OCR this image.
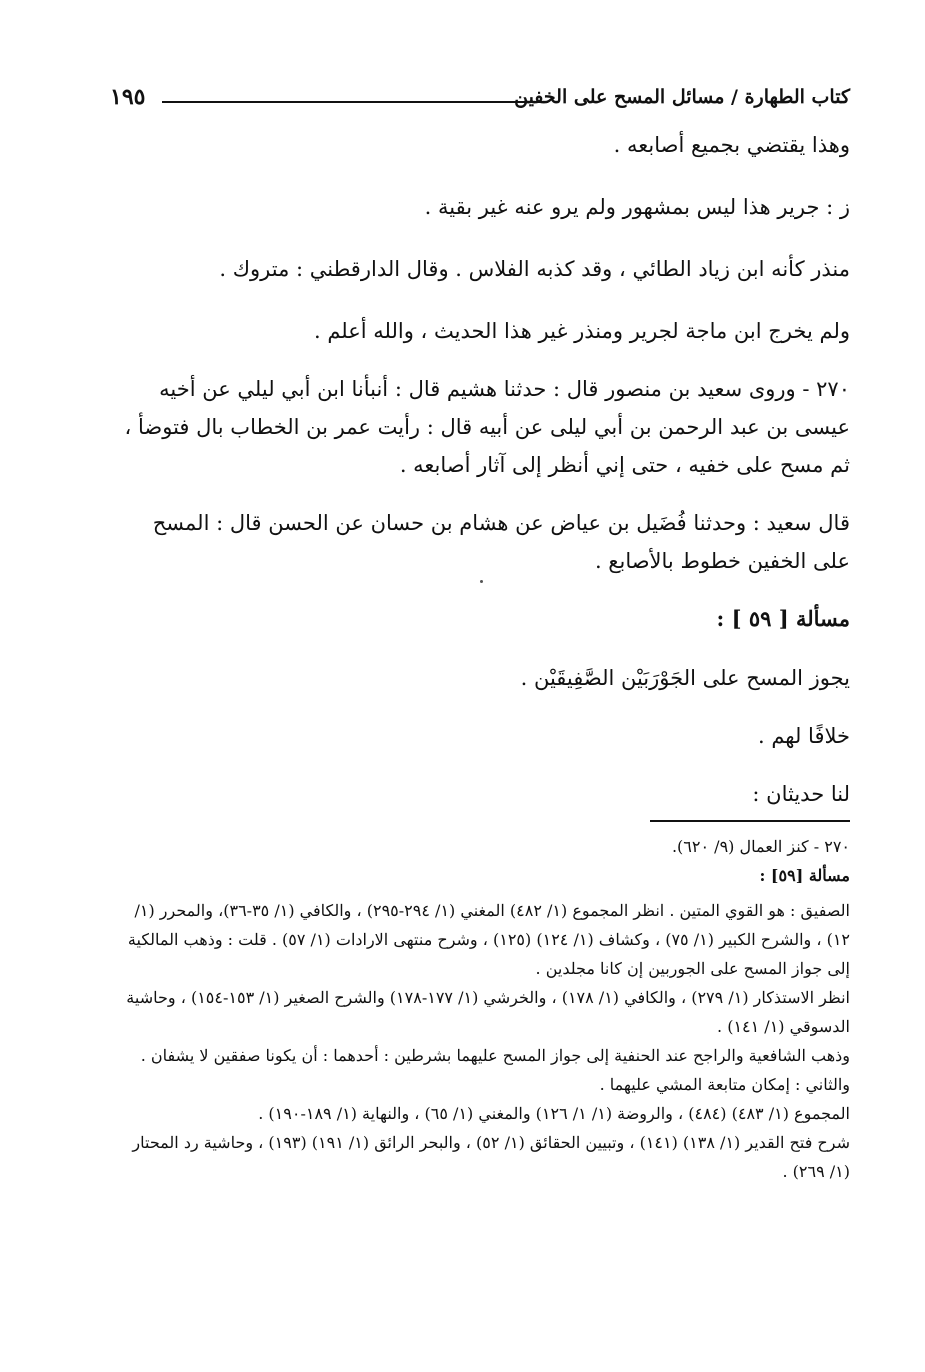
كتاب الطهارة / مسائل المسح على الخفين
١٩٥

وهذا يقتضي بجميع أصابعه .

ز : جرير هذا ليس بمشهور ولم يرو عنه غير بقية .

منذر كأنه ابن زياد الطائي ، وقد كذبه الفلاس . وقال الدارقطني : متروك .

ولم يخرج ابن ماجة لجرير ومنذر غير هذا الحديث ، والله أعلم .

٢٧٠ - وروى سعيد بن منصور قال : حدثنا هشيم قال : أنبأنا ابن أبي ليلي عن أخيه عيسى بن عبد الرحمن بن أبي ليلى عن أبيه قال : رأيت عمر بن الخطاب بال فتوضأ ، ثم مسح على خفيه ، حتى إني أنظر إلى آثار أصابعه .

قال سعيد : وحدثنا فُضَيل بن عياض عن هشام بن حسان عن الحسن قال : المسح على الخفين خطوط بالأصابع .

مسألة [ ٥٩ ] :

يجوز المسح على الجَوْرَبَيْن الصَّفِيقَيْن .

خلافًا لهم .

لنا حديثان :

٢٧٠ - كنز العمال (٩/ ٦٢٠).

مسألة [٥٩] :

الصفيق : هو القوي المتين . انظر المجموع (١/ ٤٨٢) المغني (١/ ٢٩٤-٢٩٥) ، والكافي (١/ ٣٥-٣٦)، والمحرر (١/ ١٢) ، والشرح الكبير (١/ ٧٥) ، وكشاف (١/ ١٢٤) (١٢٥) ، وشرح منتهى الارادات (١/ ٥٧) . قلت : وذهب المالكية إلى جواز المسح على الجوربين إن كانا مجلدين .

انظر الاستذكار (١/ ٢٧٩) ، والكافي (١/ ١٧٨) ، والخرشي (١/ ١٧٧-١٧٨) والشرح الصغير (١/ ١٥٣-١٥٤) ، وحاشية الدسوقي (١/ ١٤١) .

وذهب الشافعية والراجح عند الحنفية إلى جواز المسح عليهما بشرطين : أحدهما : أن يكونا صفقين لا يشفان .

والثاني : إمكان متابعة المشي عليهما .

المجموع (١/ ٤٨٣) (٤٨٤) ، والروضة (١/ ١/ ١٢٦) والمغني (١/ ٦٥) ، والنهاية (١/ ١٨٩-١٩٠) .

شرح فتح القدير (١/ ١٣٨) (١٤١) ، وتبيين الحقائق (١/ ٥٢) ، والبحر الرائق (١/ ١٩١) (١٩٣) ، وحاشية رد المحتار (١/ ٢٦٩) .
